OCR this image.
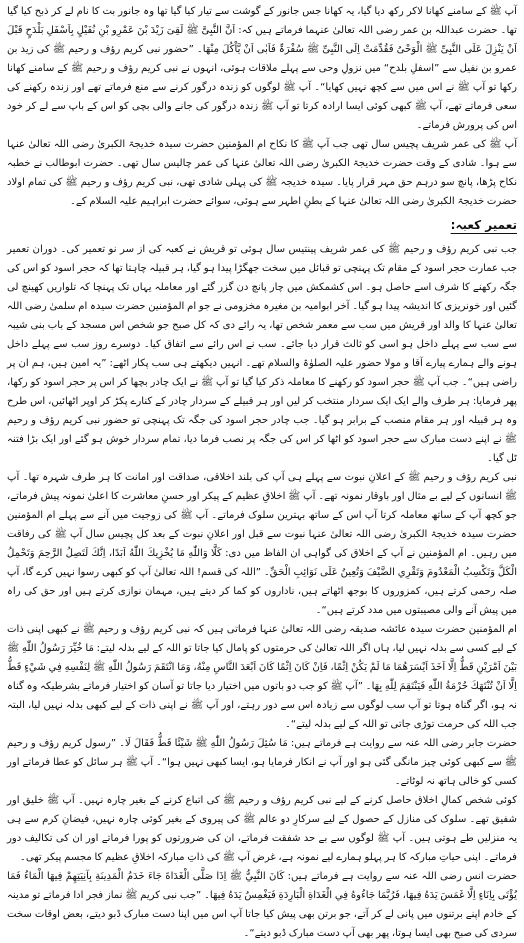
آپ ﷺ کے سامنے کھانا لاکر رکھ دیا گیا، یہ کھانا جس جانور کے گوشت سے تیار کیا گیا تھا وہ جانور بت کا نام لے کر ذبح کیا گیا تھا۔ حضرت عبداللہ بن عمر رضی اللہ تعالیٰ عنہما فرماتے ہیں کہ: اَنَّ النَّبِیَّ ﷺ لَقِیَ زَیْدَ بْنَ عَمْرِو بْنِ نُفَیْلٍ بِاَسْفَلِ بَلْدَحٍ قَبْلَ اَنْ یَنْزِلَ عَلَی النَّبِیِّ ﷺ الْوَحْیُ فَقُدِّمَتْ اِلَی النَّبِیِّ ﷺ سُفْرَۃٌ فَاَبٰی اَنْ یَّاْکُلَ مِنْھَا۔ ”حضور نبی کریم رؤف و رحیم ﷺ کی زید بن عمرو بن نفیل سے ”اسفلِ بلدح“ میں نزولِ وحی سے پہلے ملاقات ہوئی، انہوں نے نبی کریم رؤف و رحیم ﷺ کے سامنے کھانا رکھا تو آپ ﷺ نے اس میں سے کچھ نہیں کھایا“۔ آپ ﷺ لوگوں کو زندہ درگور کرنے سے منع فرماتے تھے اور زندہ رکھنے کی سعی فرماتے تھے، آپ ﷺ کبھی کوئی ایسا ارادہ کرتا تو آپ ﷺ زندہ درگور کی جانے والی بچی کو اس کے باپ سے لے کر خود اس کی پرورش فرماتے۔

آپ ﷺ کی عمر شریف پچیس سال تھی جب آپ ﷺ کا نکاح ام المؤمنین حضرت سیدہ خدیجۃ الکبریٰ رضی اللہ تعالیٰ عنہا سے ہوا۔ شادی کے وقت حضرت خدیجۃ الکبریٰ رضی اللہ تعالیٰ عنہا کی عمر چالیس سال تھی۔ حضرت ابوطالب نے خطبہ نکاح پڑھا، پانچ سو درہم حق مہر قرار پایا۔ سیدہ خدیجہ ﷺ کی پہلی شادی تھی، نبی کریم رؤف و رحیم ﷺ کی تمام اولاد حضرت خدیجۃ الکبریٰ رضی اللہ تعالیٰ عنہا کے بطنِ اطہر سے ہوئی، سوائے حضرت ابراہیم علیہ السلام کے۔

تعمیر کعبہ:

جب نبی کریم رؤف و رحیم ﷺ کی عمر شریف پینتیس سال ہوئی تو قریش نے کعبہ کی از سر نو تعمیر کی۔ دوران تعمیر جب عمارت حجر اسود کے مقام تک پہنچی تو قبائل میں سخت جھگڑا پیدا ہو گیا، ہر قبیلہ چاہتا تھا کہ حجر اسود کو اس کی جگہ رکھنے کا شرف اسے حاصل ہو۔ اس کشمکش میں چار پانچ دن گزر گئے اور معاملہ یہاں تک پہنچا کہ تلواریں کھینچ لی گئیں اور خونریزی کا اندیشہ پیدا ہو گیا۔ آخر ابوامیہ بن مغیرہ مخزومی نے جو ام المؤمنین حضرت سیدہ ام سلمیٰ رضی اللہ تعالیٰ عنہا کا والد اور قریش میں سب سے معمر شخص تھا، یہ رائے دی کہ کل صبح جو شخص اس مسجد کے باب بنی شیبہ سے سب سے پہلے داخل ہو اسی کو ثالث قرار دیا جائے۔ سب نے اس رائے سے اتفاق کیا۔ دوسرے روز سب سے پہلے داخل ہونے والے ہمارے پیارے آقا و مولا حضور علیہ الصلوٰۃ والسلام تھے۔ انہیں دیکھتے ہی سب پکار اٹھے: ”یہ امین ہیں، ہم ان پر راضی ہیں“۔ جب آپ ﷺ حجر اسود کو رکھنے کا معاملہ ذکر کیا گیا تو آپ ﷺ نے ایک چادر بچھا کر اس پر حجر اسود کو رکھا، پھر فرمایا: ہر طرف والے ایک ایک سردار منتخب کر لیں اور ہر قبیلے کے سردار چادر کے کنارے پکڑ کر اوپر اٹھائیں، اس طرح وہ ہر قبیلہ اور ہر مقام منصب کے برابر ہو گیا۔ جب چادر حجر اسود کی جگہ تک پہنچی تو حضور نبی کریم رؤف و رحیم ﷺ نے اپنے دست مبارک سے حجر اسود کو اٹھا کر اس کی جگہ پر نصب فرما دیا، تمام سردار خوش ہو گئے اور ایک بڑا فتنہ ٹل گیا۔

نبی کریم رؤف و رحیم ﷺ کے اعلانِ نبوت سے پہلے ہی آپ کی بلند اخلاقی، صداقت اور امانت کا ہر طرف شہرہ تھا۔ آپ ﷺ انسانوں کے لیے بے مثال اور باوقار نمونہ تھے۔ آپ ﷺ اخلاقِ عظیم کے پیکر اور حسنِ معاشرت کا اعلیٰ نمونہ پیش فرماتے، جو کچھ آپ کے ساتھ معاملہ کرتا آپ اس کے ساتھ بہترین سلوک فرماتے۔ آپ ﷺ کی زوجیت میں آنے سے پہلے ام المؤمنین حضرت سیدہ خدیجۃ الکبریٰ رضی اللہ تعالیٰ عنہا نبوت سے قبل اور اعلانِ نبوت کے بعد کل پچیس سال آپ ﷺ کی رفاقت میں رہیں۔ ام المؤمنین نے آپ کے اخلاق کی گواہی ان الفاظ میں دی: كَلَّا وَاللّٰهِ مَا يُخْزِيكَ اللّٰهُ اَبَدًا، اِنَّكَ لَتَصِلُ الرَّحِمَ وَتَحْمِلُ الْكَلَّ وَتَكْسِبُ الْمَعْدُومَ وَتَقْرِي الضَّيْفَ وَتُعِينُ عَلَى نَوَائِبِ الْحَقِّ۔ ”اللہ کی قسم! اللہ تعالیٰ آپ کو کبھی رسوا نہیں کرے گا، آپ صلہ رحمی کرتے ہیں، کمزوروں کا بوجھ اٹھاتے ہیں، ناداروں کو کما کر دیتے ہیں، مہمان نوازی کرتے ہیں اور حق کی راہ میں پیش آنے والی مصیبتوں میں مدد کرتے ہیں“۔

ام المؤمنین حضرت سیدہ عائشہ صدیقہ رضی اللہ تعالیٰ عنہا فرماتی ہیں کہ نبی کریم رؤف و رحیم ﷺ نے کبھی اپنی ذات کے لیے کسی سے بدلہ نہیں لیا، ہاں اگر اللہ تعالیٰ کی حرمتوں کو پامال کیا جاتا تو اللہ کے لیے بدلہ لیتے: مَا خُيِّرَ رَسُولُ اللّٰهِ ﷺ بَيْنَ اَمْرَيْنِ قَطُّ اِلَّا اَخَذَ اَيْسَرَهُمَا مَا لَمْ يَكُنْ اِثْمًا، فَاِنْ كَانَ اِثْمًا كَانَ اَبْعَدَ النَّاسِ مِنْهُ، وَمَا انْتَقَمَ رَسُولُ اللّٰهِ ﷺ لِنَفْسِهِ فِي شَيْءٍ قَطُّ اِلَّا اَنْ تُنْتَهَكَ حُرْمَةُ اللّٰهِ فَيَنْتَقِمَ لِلّٰهِ بِهَا۔ ”آپ ﷺ کو جب دو باتوں میں اختیار دیا جاتا تو آسان کو اختیار فرماتے بشرطیکہ وہ گناہ نہ ہو، اگر گناہ ہوتا تو آپ سب لوگوں سے زیادہ اس سے دور رہتے، اور آپ ﷺ نے اپنی ذات کے لیے کبھی بدلہ نہیں لیا، البتہ جب اللہ کی حرمت توڑی جاتی تو اللہ کے لیے بدلہ لیتے“۔

حضرت جابر رضی اللہ عنہ سے روایت ہے فرماتے ہیں: مَا سُئِلَ رَسُولُ اللّٰهِ ﷺ شَيْئًا قَطُّ فَقَالَ لَا۔ ”رسول کریم رؤف و رحیم ﷺ سے کبھی کوئی چیز مانگی گئی ہو اور آپ نے انکار فرمایا ہو، ایسا کبھی نہیں ہوا“۔ آپ ﷺ ہر سائل کو عطا فرماتے اور کسی کو خالی ہاتھ نہ لوٹاتے۔

کوئی شخص کمالِ اخلاق حاصل کرنے کے لیے نبی کریم رؤف و رحیم ﷺ کی اتباع کرنے کے بغیر چارہ نہیں۔ آپ ﷺ خلیق اور شفیق تھے۔ سلوک کی منازل کے حصول کے لیے سرکارِ دو عالم ﷺ کی پیروی کے بغیر کوئی چارہ نہیں، فیضانِ کرم سے ہی یہ منزلیں طے ہوتی ہیں۔ آپ ﷺ لوگوں سے بے حد شفقت فرماتے، ان کی ضرورتوں کو پورا فرماتے اور ان کی تکالیف دور فرماتے۔ اپنی حیاتِ مبارکہ کا ہر پہلو ہمارے لیے نمونہ ہے، غرض آپ ﷺ کی ذاتِ مبارکہ اخلاقِ عظیم کا مجسم پیکر تھی۔

حضرت انس رضی اللہ عنہ سے روایت ہے فرماتے ہیں: كَانَ النَّبِيُّ ﷺ اِذَا صَلَّى الْغَدَاةَ جَاءَ خَدَمُ الْمَدِينَةِ بِآنِيَتِهِمْ فِيهَا الْمَاءُ فَمَا يُؤْتَى بِاِنَاءٍ اِلَّا غَمَسَ يَدَهُ فِيهَا، فَرُبَّمَا جَاءُوهُ فِي الْغَدَاةِ الْبَارِدَةِ فَيَغْمِسُ يَدَهُ فِيهَا۔ ”جب نبی کریم ﷺ نماز فجر ادا فرماتے تو مدینہ کے خادم اپنے برتنوں میں پانی لے کر آتے، جو برتن بھی پیش کیا جاتا آپ اس میں اپنا دست مبارک ڈبو دیتے، بعض اوقات سخت سردی کی صبح بھی ایسا ہوتا، پھر بھی آپ دست مبارک ڈبو دیتے“۔
